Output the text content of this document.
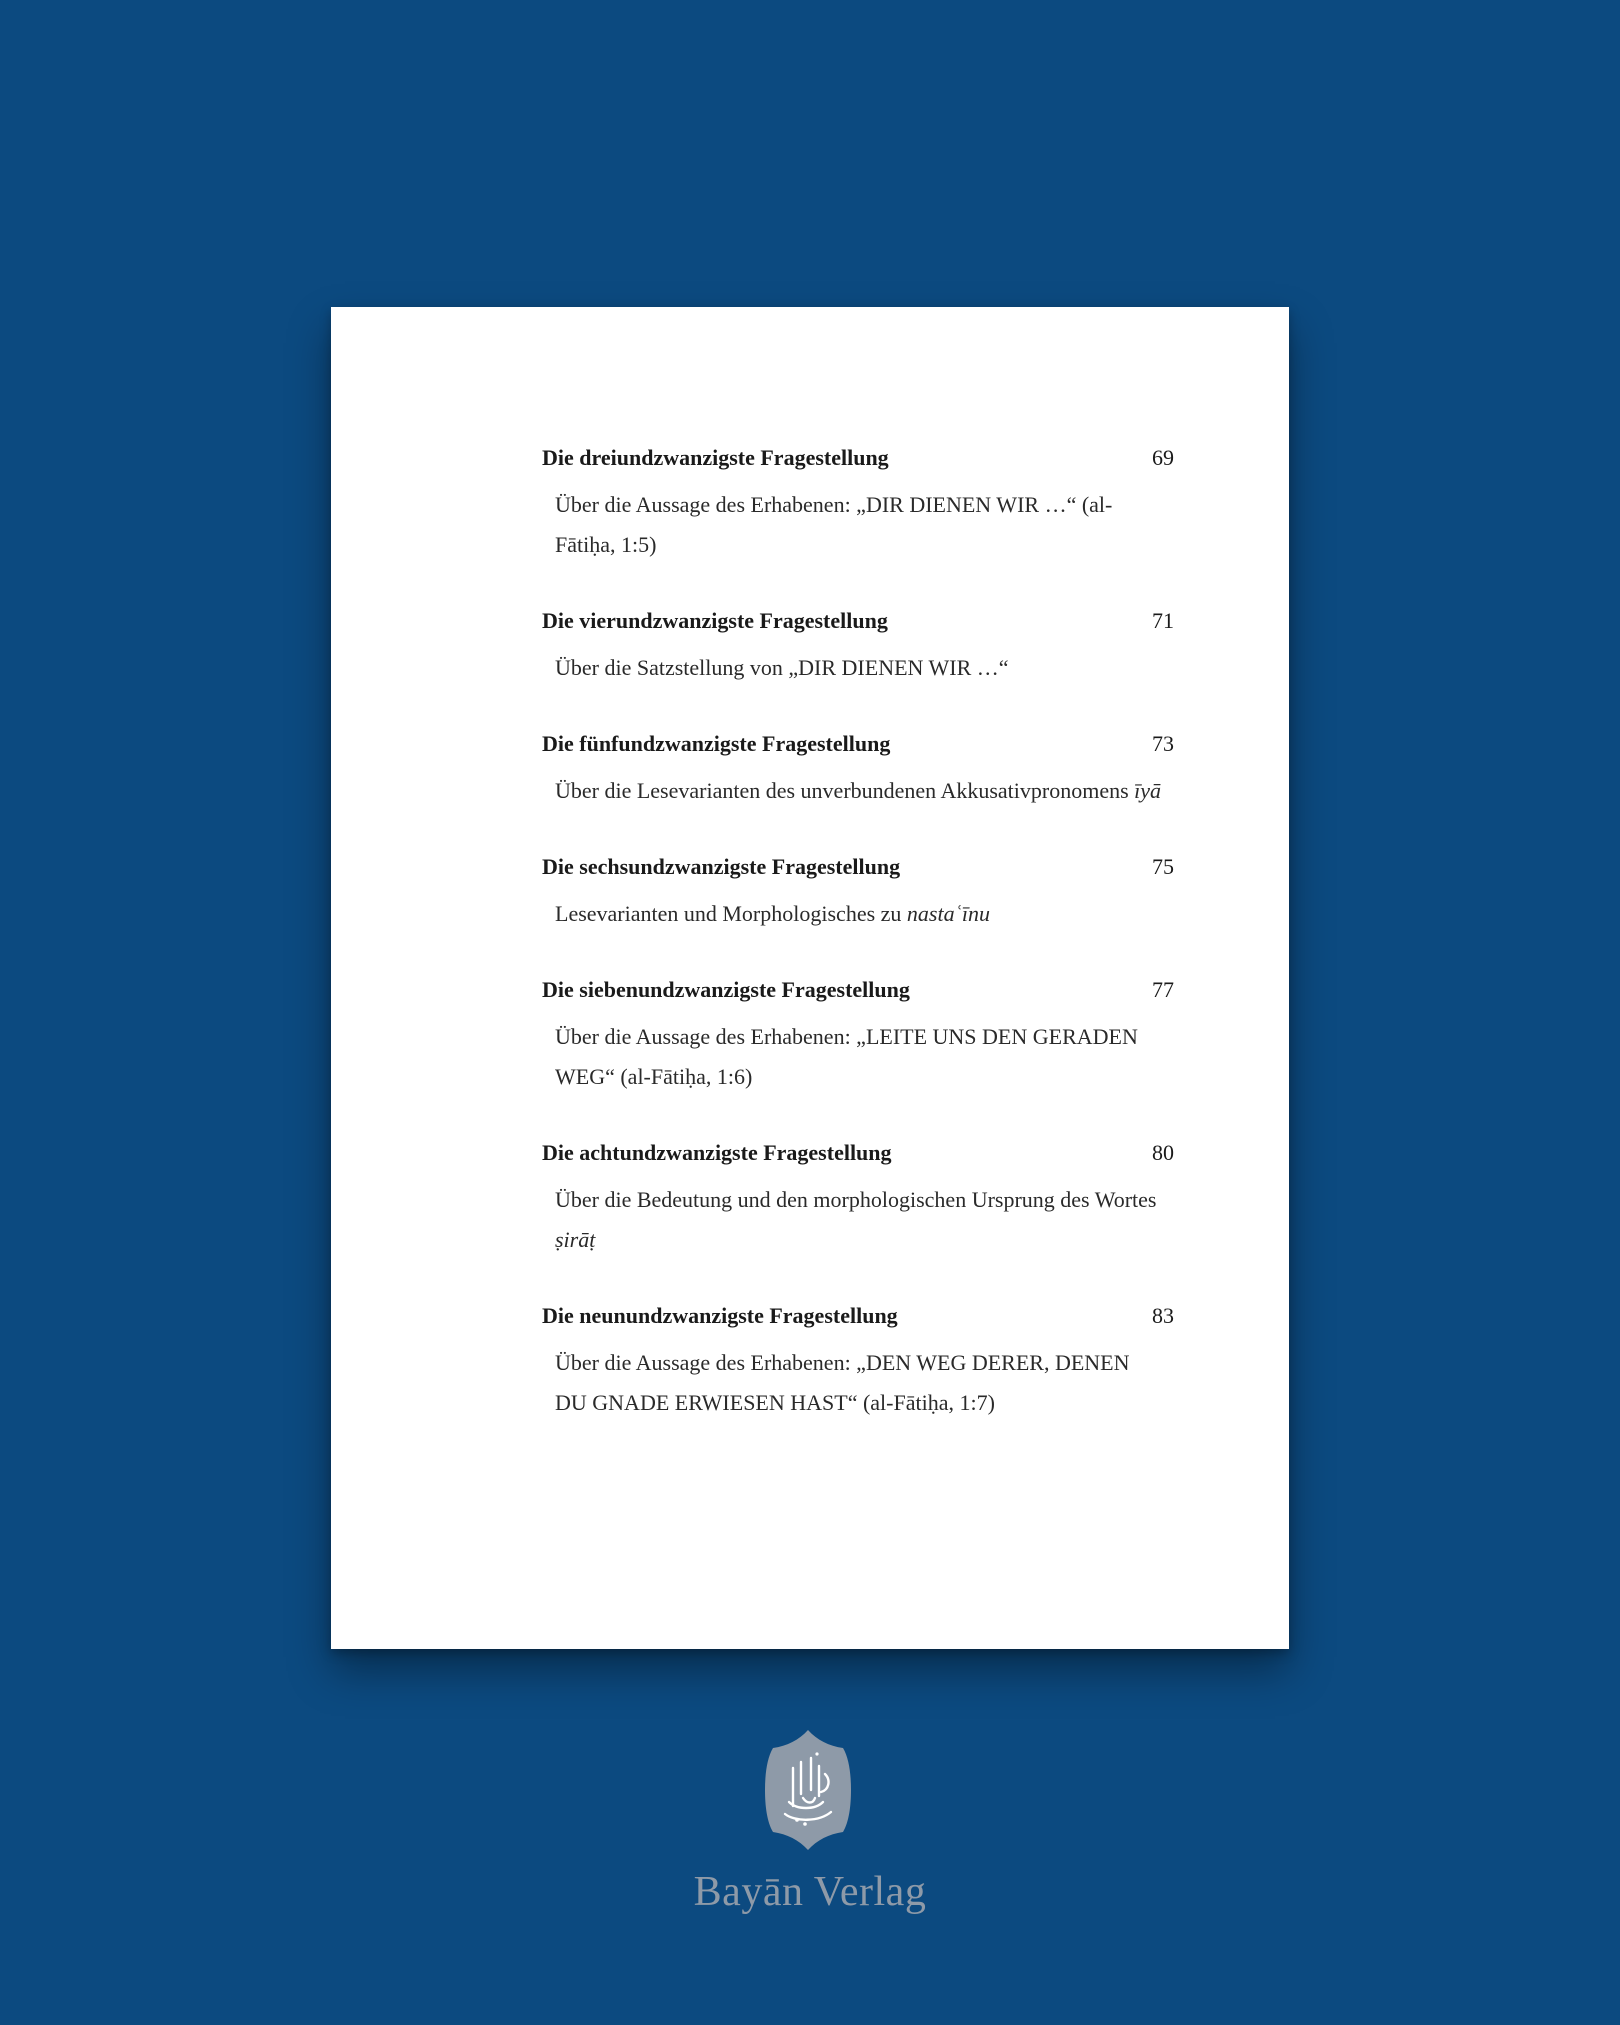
Die dreiundzwanzigste Fragestellung	69
Über die Aussage des Erhabenen: „DIR DIENEN WIR …“ (al-Fātiḥa, 1:5)
Die vierundzwanzigste Fragestellung	71
Über die Satzstellung von „DIR DIENEN WIR …“
Die fünfundzwanzigste Fragestellung	73
Über die Lesevarianten des unverbundenen Akkusativpronomens īyā
Die sechsundzwanzigste Fragestellung	75
Lesevarianten und Morphologisches zu nastaʿīnu
Die siebenundzwanzigste Fragestellung	77
Über die Aussage des Erhabenen: „LEITE UNS DEN GERADEN WEG“ (al-Fātiḥa, 1:6)
Die achtundzwanzigste Fragestellung	80
Über die Bedeutung und den morphologischen Ursprung des Wortes ṣirāṭ
Die neunundzwanzigste Fragestellung	83
Über die Aussage des Erhabenen: „DEN WEG DERER, DENEN DU GNADE ERWIESEN HAST“ (al-Fātiḥa, 1:7)
Bayān Verlag
